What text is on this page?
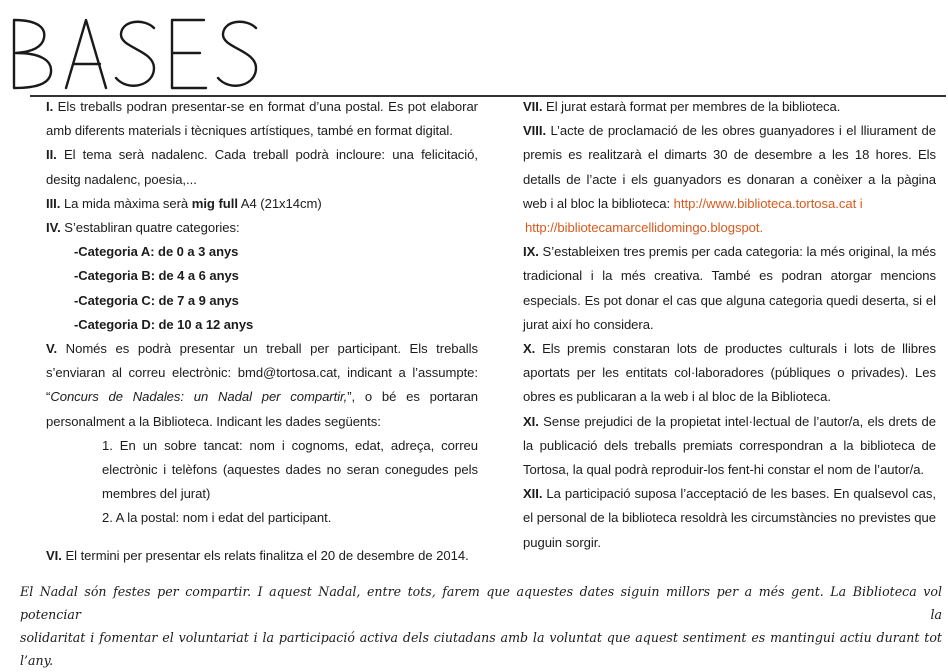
I. Els treballs podran presentar-se en format d’una postal. Es pot elaborar amb diferents materials i tècniques artístiques, també en format digital.

II. El tema serà nadalenc. Cada treball podrà incloure: una felicitació, desitg nadalenc, poesia,...

III. La mida màxima serà mig full A4 (21x14cm)

IV. S’establiran quatre categories:

-Categoria A: de 0 a 3 anys

-Categoria B: de 4 a 6 anys

-Categoria C: de 7 a 9 anys

-Categoria D: de 10 a 12 anys

V. Només es podrà presentar un treball per participant. Els treballs s’enviaran al correu electrònic: bmd@tortosa.cat, indicant a l’assumpte: “Concurs de Nadales: un Nadal per compartir,”, o bé es portaran personalment a la Biblioteca. Indicant les dades següents:

1. En un sobre tancat: nom i cognoms, edat, adreça, correu electrònic i telèfons (aquestes dades no seran conegudes pels membres del jurat)

2. A la postal: nom i edat del participant.

VI. El termini per presentar els relats finalitza el 20 de desembre de 2014.

VII. El jurat estarà format per membres de la biblioteca.

VIII. L’acte de proclamació de les obres guanyadores i el lliurament de premis es realitzarà el dimarts 30 de desembre a les 18 hores. Els detalls de l’acte i els guanyadors es donaran a conèixer a la pàgina web i al bloc la biblioteca: http://www.biblioteca.tortosa.cat i

http://bibliotecamarcellidomingo.blogspot.

IX. S’estableixen tres premis per cada categoria: la més original, la més tradicional i la més creativa. També es podran atorgar mencions especials. Es pot donar el cas que alguna categoria quedi deserta, si el jurat així ho considera.

X. Els premis constaran lots de productes culturals i lots de llibres aportats per les entitats col·laboradores (públiques o privades). Les obres es publicaran a la web i al bloc de la Biblioteca.

XI. Sense prejudici de la propietat intel·lectual de l’autor/a, els drets de la publicació dels treballs premiats correspondran a la biblioteca de Tortosa, la qual podrà reproduir-los fent-hi constar el nom de l’autor/a.

XII. La participació suposa l’acceptació de les bases. En qualsevol cas, el personal de la biblioteca resoldrà les circumstàncies no previstes que puguin sorgir.

El Nadal són festes per compartir. I aquest Nadal, entre tots, farem que aquestes dates siguin millors per a més gent. La Biblioteca vol potenciar la

solidaritat i fomentar el voluntariat i la participació activa dels ciutadans amb la voluntat que aquest sentiment es mantingui actiu durant tot l’any.
